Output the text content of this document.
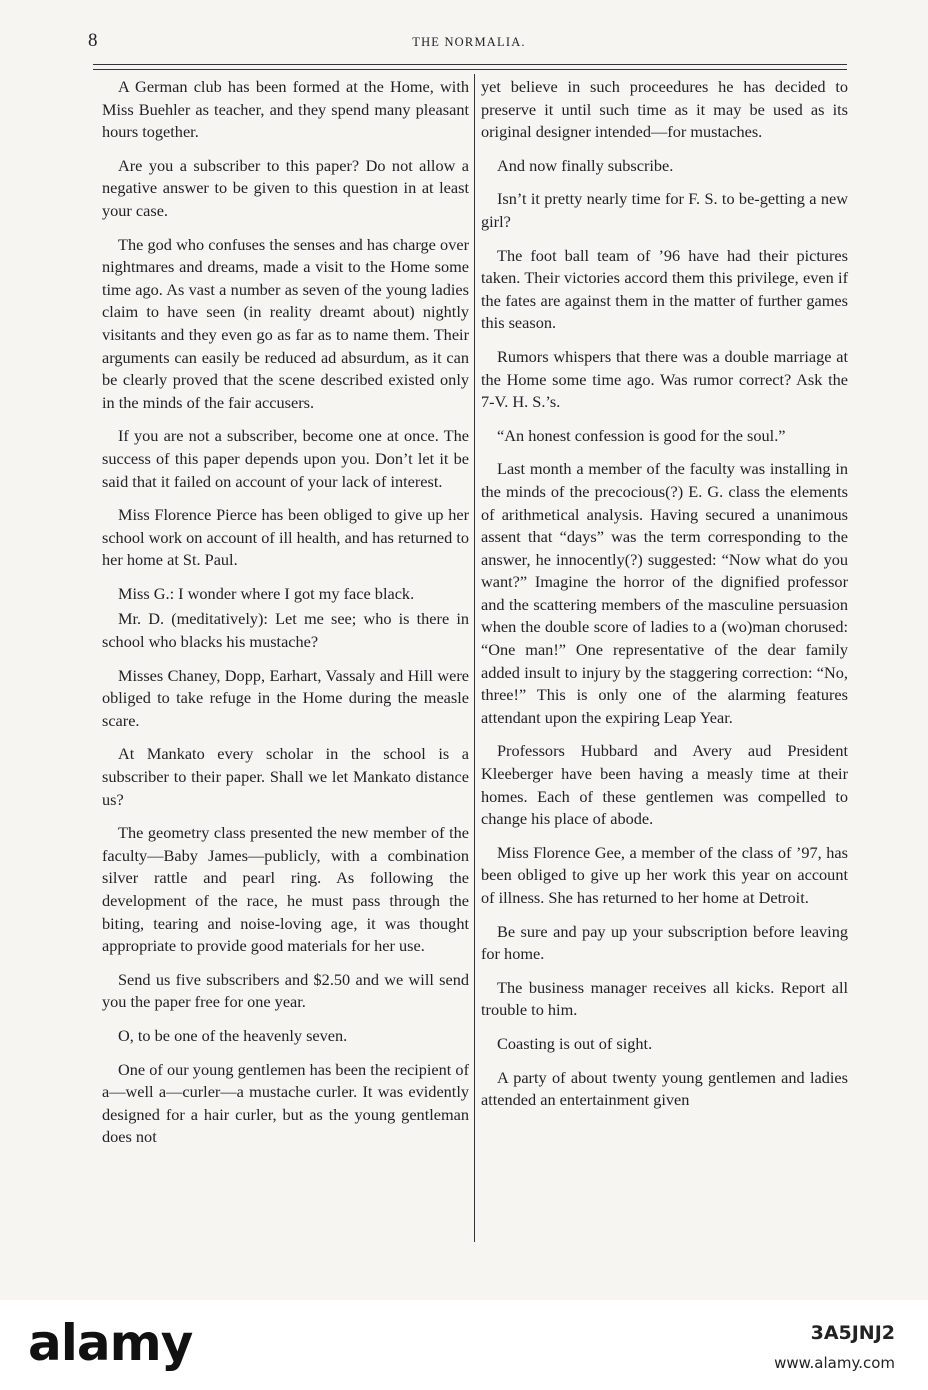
8	THE NORMALIA.

A German club has been formed at the Home, with Miss Buehler as teacher, and they spend many pleasant hours together.

Are you a subscriber to this paper? Do not allow a negative answer to be given to this question in at least your case.

The god who confuses the senses and has charge over nightmares and dreams, made a visit to the Home some time ago. As vast a number as seven of the young ladies claim to have seen (in reality dreamt about) nightly visitants and they even go as far as to name them. Their arguments can easily be reduced ad absurdum, as it can be clearly proved that the scene described existed only in the minds of the fair accusers.

If you are not a subscriber, become one at once. The success of this paper depends upon you. Don’t let it be said that it failed on account of your lack of interest.

Miss Florence Pierce has been obliged to give up her school work on account of ill health, and has returned to her home at St. Paul.

Miss G.: I wonder where I got my face black.

Mr. D. (meditatively): Let me see; who is there in school who blacks his mustache?

Misses Chaney, Dopp, Earhart, Vassaly and Hill were obliged to take refuge in the Home during the measle scare.

At Mankato every scholar in the school is a subscriber to their paper. Shall we let Mankato distance us?

The geometry class presented the new member of the faculty—Baby James—publicly, with a combination silver rattle and pearl ring. As following the development of the race, he must pass through the biting, tearing and noise-loving age, it was thought appropriate to provide good materials for her use.

Send us five subscribers and $2.50 and we will send you the paper free for one year.

O, to be one of the heavenly seven.

One of our young gentlemen has been the recipient of a—well a—curler—a mustache curler. It was evidently designed for a hair curler, but as the young gentleman does not

yet believe in such proceedures he has decided to preserve it until such time as it may be used as its original designer intended—for mustaches.

And now finally subscribe.

Isn’t it pretty nearly time for F. S. to be-getting a new girl?

The foot ball team of ’96 have had their pictures taken. Their victories accord them this privilege, even if the fates are against them in the matter of further games this season.

Rumors whispers that there was a double marriage at the Home some time ago. Was rumor correct? Ask the 7-V. H. S.’s.

“An honest confession is good for the soul.”

Last month a member of the faculty was installing in the minds of the precocious(?) E. G. class the elements of arithmetical analysis. Having secured a unanimous assent that “days” was the term corresponding to the answer, he innocently(?) suggested: “Now what do you want?” Imagine the horror of the dignified professor and the scattering members of the masculine persuasion when the double score of ladies to a (wo)man chorused: “One man!” One representative of the dear family added insult to injury by the staggering correction: “No, three!” This is only one of the alarming features attendant upon the expiring Leap Year.

Professors Hubbard and Avery aud President Kleeberger have been having a measly time at their homes. Each of these gentlemen was compelled to change his place of abode.

Miss Florence Gee, a member of the class of ’97, has been obliged to give up her work this year on account of illness. She has returned to her home at Detroit.

Be sure and pay up your subscription before leaving for home.

The business manager receives all kicks. Report all trouble to him.

Coasting is out of sight.

A party of about twenty young gentlemen and ladies attended an entertainment given

alamy	3A5JNJ2
www.alamy.com
